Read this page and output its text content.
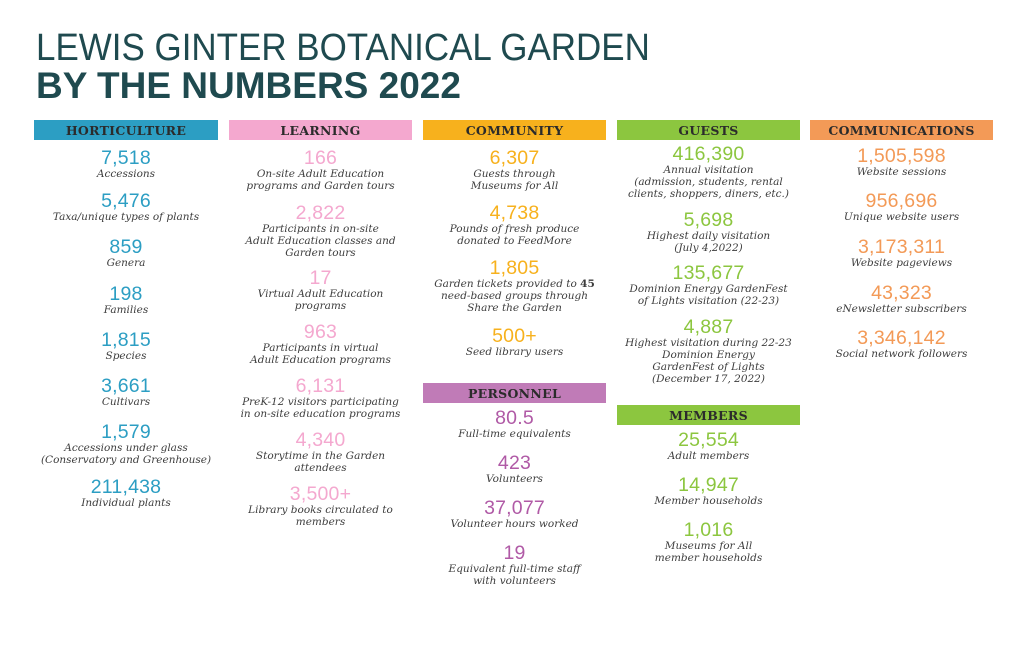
LEWIS GINTER BOTANICAL GARDEN
BY THE NUMBERS 2022
HORTICULTURE
7,518
Accessions
5,476
Taxa/unique types of plants
859
Genera
198
Families
1,815
Species
3,661
Cultivars
1,579
Accessions under glass
(Conservatory and Greenhouse)
211,438
Individual plants
LEARNING
166
On-site Adult Education
programs and Garden tours
2,822
Participants in on-site
Adult Education classes and
Garden tours
17
Virtual Adult Education
programs
963
Participants in virtual
Adult Education programs
6,131
PreK-12 visitors participating
in on-site education programs
4,340
Storytime in the Garden
attendees
3,500+
Library books circulated to
members
COMMUNITY
6,307
Guests through
Museums for All
4,738
Pounds of fresh produce
donated to FeedMore
1,805
Garden tickets provided to 45
need-based groups through
Share the Garden
500+
Seed library users
PERSONNEL
80.5
Full-time equivalents
423
Volunteers
37,077
Volunteer hours worked
19
Equivalent full-time staff
with volunteers
GUESTS
416,390
Annual visitation
(admission, students, rental
clients, shoppers, diners, etc.)
5,698
Highest daily visitation
(July 4,2022)
135,677
Dominion Energy GardenFest
of Lights visitation (22-23)
4,887
Highest visitation during 22-23
Dominion Energy
GardenFest of Lights
(December 17, 2022)
MEMBERS
25,554
Adult members
14,947
Member households
1,016
Museums for All
member households
COMMUNICATIONS
1,505,598
Website sessions
956,696
Unique website users
3,173,311
Website pageviews
43,323
eNewsletter subscribers
3,346,142
Social network followers
